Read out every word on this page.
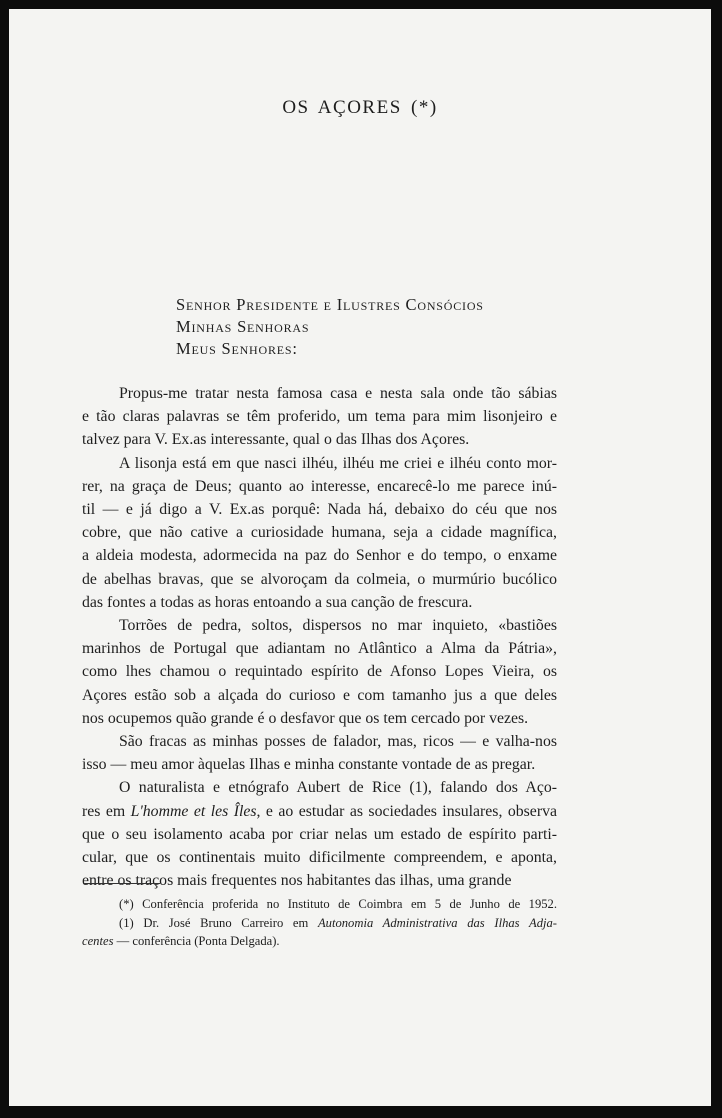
OS AÇORES (*)
Senhor Presidente e Ilustres Consócios
Minhas Senhoras
Meus Senhores:

Propus-me tratar nesta famosa casa e nesta sala onde tão sábias
e tão claras palavras se têm proferido, um tema para mim lisonjeiro e
talvez para V. Ex.as interessante, qual o das Ilhas dos Açores.

A lisonja está em que nasci ilhéu, ilhéu me criei e ilhéu conto mor-
rer, na graça de Deus; quanto ao interesse, encarecê-lo me parece inú-
til — e já digo a V. Ex.as porquê: Nada há, debaixo do céu que nos
cobre, que não cative a curiosidade humana, seja a cidade magnífica,
a aldeia modesta, adormecida na paz do Senhor e do tempo, o enxame
de abelhas bravas, que se alvoroçam da colmeia, o murmúrio bucólico
das fontes a todas as horas entoando a sua canção de frescura.

Torrões de pedra, soltos, dispersos no mar inquieto, «bastiões
marinhos de Portugal que adiantam no Atlântico a Alma da Pátria»,
como lhes chamou o requintado espírito de Afonso Lopes Vieira, os
Açores estão sob a alçada do curioso e com tamanho jus a que deles
nos ocupemos quão grande é o desfavor que os tem cercado por vezes.

São fracas as minhas posses de falador, mas, ricos — e valha-nos
isso — meu amor àquelas Ilhas e minha constante vontade de as pregar.

O naturalista e etnógrafo Aubert de Rice (1), falando dos Aço-
res em L'homme et les Îles, e ao estudar as sociedades insulares, observa
que o seu isolamento acaba por criar nelas um estado de espírito parti-
cular, que os continentais muito dificilmente compreendem, e aponta,
entre os traços mais frequentes nos habitantes das ilhas, uma grande

(*) Conferência proferida no Instituto de Coimbra em 5 de Junho de 1952.
(1) Dr. José Bruno Carreiro em Autonomia Administrativa das Ilhas Adja-
centes — conferência (Ponta Delgada).
